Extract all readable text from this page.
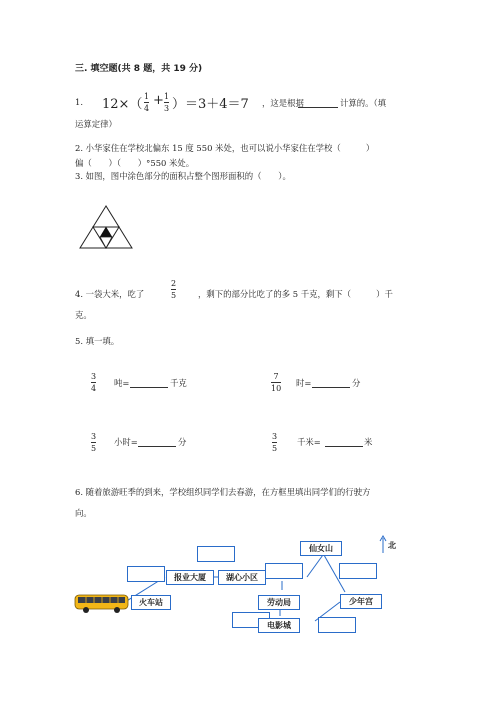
三. 填空题(共 8 题，共 19 分)
1. 12×（
1
4
+ 1
3 ）＝3＋4＝7 ，这是根据	计算的。（填
运算定律）
2. 小华家住在学校北偏东 15 度 550 米处，也可以说小华家住在学校（　　　）
偏（　　）（　　）°550 米处。
3. 如图，图中涂色部分的面积占整个图形面积的（　　）。
4. 一袋大米，吃了
2
5	，剩下的部分比吃了的多 5 千克，剩下（　　　）千
克。
5. 填一填。
3
4
吨=	千克
7
10
时=	分
3
5
小时=	分
3
5
千米=	米
6. 随着旅游旺季的到来，学校组织同学们去春游，在方框里填出同学们的行驶方
向。
火车站
报业大厦	湖心小区
劳动局
电影城
仙女山
少年宫
北
